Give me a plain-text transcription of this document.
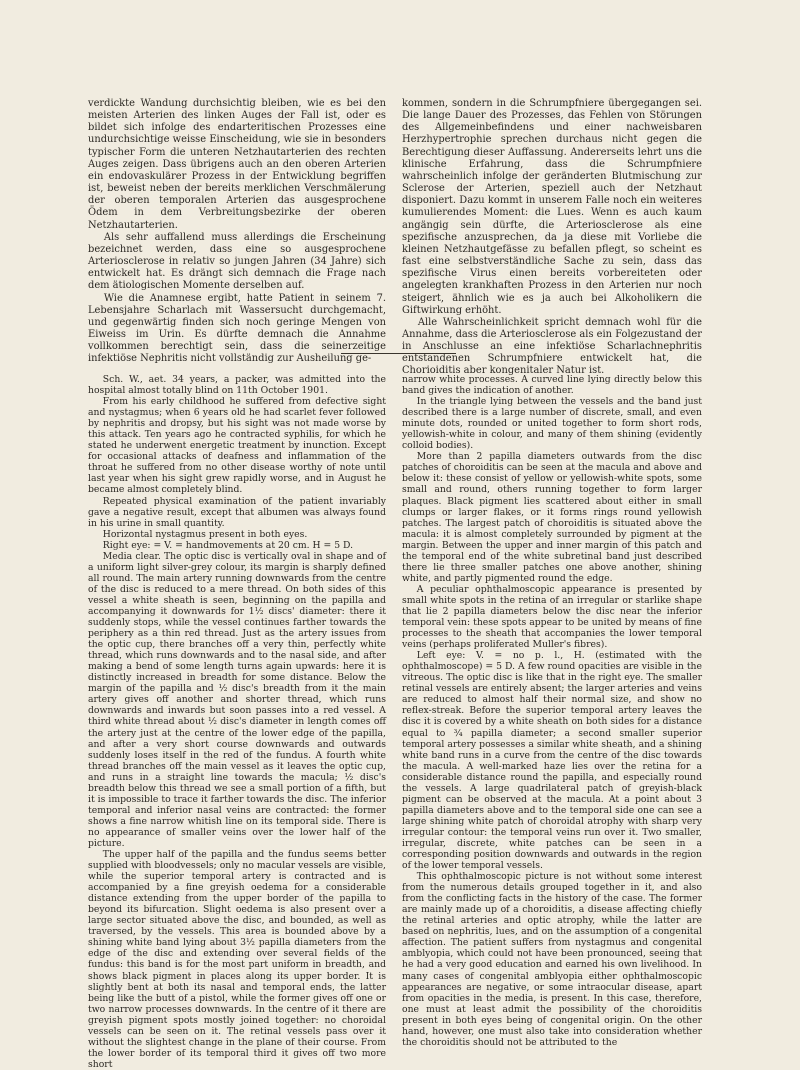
verdickte Wandung durchsichtig bleiben, wie es bei den meisten Arterien des linken Auges der Fall ist, oder es bildet sich infolge des endarteritischen Prozesses eine undurchsichtige weisse Einscheidung, wie sie in besonders typischer Form die unteren Netzhautarterien des rechten Auges zeigen. Dass übrigens auch an den oberen Arterien ein endovaskulärer Prozess in der Entwicklung begriffen ist, beweist neben der bereits merklichen Verschmälerung der oberen temporalen Arterien das ausgesprochene Ödem in dem Verbreitungsbezirke der oberen Netzhautarterien.

Als sehr auffallend muss allerdings die Erscheinung bezeichnet werden, dass eine so ausgesprochene Arteriosclerose in relativ so jungen Jahren (34 Jahre) sich entwickelt hat. Es drängt sich demnach die Frage nach dem ätiologischen Momente derselben auf.

Wie die Anamnese ergibt, hatte Patient in seinem 7. Lebensjahre Scharlach mit Wassersucht durchgemacht, und gegenwärtig finden sich noch geringe Mengen von Eiweiss im Urin. Es dürfte demnach die Annahme vollkommen berechtigt sein, dass die seinerzeitige infektiöse Nephritis nicht vollständig zur Ausheilung ge-

kommen, sondern in die Schrumpfniere übergegangen sei. Die lange Dauer des Prozesses, das Fehlen von Störungen des Allgemeinbefindens und einer nachweisbaren Herzhypertrophie sprechen durchaus nicht gegen die Berechtigung dieser Auffassung. Andererseits lehrt uns die klinische Erfahrung, dass die Schrumpfniere wahrscheinlich infolge der geränderten Blutmischung zur Sclerose der Arterien, speziell auch der Netzhaut disponiert. Dazu kommt in unserem Falle noch ein weiteres kumulierendes Moment: die Lues. Wenn es auch kaum angängig sein dürfte, die Arteriosclerose als eine spezifische anzusprechen, da ja diese mit Vorliebe die kleinen Netzhautgefässe zu befallen pflegt, so scheint es fast eine selbstverständliche Sache zu sein, dass das spezifische Virus einen bereits vorbereiteten oder angelegten krankhaften Prozess in den Arterien nur noch steigert, ähnlich wie es ja auch bei Alkoholikern die Giftwirkung erhöht.

Alle Wahrscheinlichkeit spricht demnach wohl für die Annahme, dass die Arteriosclerose als ein Folgezustand der in Anschlusse an eine infektiöse Scharlachnephritis entstandenen Schrumpfniere entwickelt hat, die Chorioiditis aber kongenitaler Natur ist.

Sch. W., aet. 34 years, a packer, was admitted into the hospital almost totally blind on 11th October 1901.

From his early childhood he suffered from defective sight and nystagmus; when 6 years old he had scarlet fever followed by nephritis and dropsy, but his sight was not made worse by this attack. Ten years ago he contracted syphilis, for which he stated he underwent energetic treatment by inunction. Except for occasional attacks of deafness and inflammation of the throat he suffered from no other disease worthy of note until last year when his sight grew rapidly worse, and in August he became almost completely blind.

Repeated physical examination of the patient invariably gave a negative result, except that albumen was always found in his urine in small quantity.

Horizontal nystagmus present in both eyes.

Right eye: = V. = handmovements at 20 cm. H = 5 D.

Media clear. The optic disc is vertically oval in shape and of a uniform light silver-grey colour, its margin is sharply defined all round. The main artery running downwards from the centre of the disc is reduced to a mere thread. On both sides of this vessel a white sheath is seen, beginning on the papilla and accompanying it downwards for 1½ discs' diameter: there it suddenly stops, while the vessel continues farther towards the periphery as a thin red thread. Just as the artery issues from the optic cup, there branches off a very thin, perfectly white thread, which runs downwards and to the nasal side, and after making a bend of some length turns again upwards: here it is distinctly increased in breadth for some distance. Below the margin of the papilla and ½ disc's breadth from it the main artery gives off another and shorter thread, which runs downwards and inwards but soon passes into a red vessel. A third white thread about ½ disc's diameter in length comes off the artery just at the centre of the lower edge of the papilla, and after a very short course downwards and outwards suddenly loses itself in the red of the fundus. A fourth white thread branches off the main vessel as it leaves the optic cup, and runs in a straight line towards the macula; ½ disc's breadth below this thread we see a small portion of a fifth, but it is impossible to trace it farther towards the disc. The inferior temporal and inferior nasal veins are contracted: the former shows a fine narrow whitish line on its temporal side. There is no appearance of smaller veins over the lower half of the picture.

The upper half of the papilla and the fundus seems better supplied with bloodvessels; only no macular vessels are visible, while the superior temporal artery is contracted and is accompanied by a fine greyish oedema for a considerable distance extending from the upper border of the papilla to beyond its bifurcation. Slight oedema is also present over a large sector situated above the disc, and bounded, as well as traversed, by the vessels. This area is bounded above by a shining white band lying about 3½ papilla diameters from the edge of the disc and extending over several fields of the fundus: this band is for the most part uniform in breadth, and shows black pigment in places along its upper border. It is slightly bent at both its nasal and temporal ends, the latter being like the butt of a pistol, while the former gives off one or two narrow processes downwards. In the centre of it there are greyish pigment spots mostly joined together: no choroidal vessels can be seen on it. The retinal vessels pass over it without the slightest change in the plane of their course. From the lower border of its temporal third it gives off two more short

narrow white processes. A curved line lying directly below this band gives the indication of another.

In the triangle lying between the vessels and the band just described there is a large number of discrete, small, and even minute dots, rounded or united together to form short rods, yellowish-white in colour, and many of them shining (evidently colloid bodies).

More than 2 papilla diameters outwards from the disc patches of choroiditis can be seen at the macula and above and below it: these consist of yellow or yellowish-white spots, some small and round, others running together to form larger plaques. Black pigment lies scattered about either in small clumps or larger flakes, or it forms rings round yellowish patches. The largest patch of choroiditis is situated above the macula: it is almost completely surrounded by pigment at the margin. Between the upper and inner margin of this patch and the temporal end of the white subretinal band just described there lie three smaller patches one above another, shining white, and partly pigmented round the edge.

A peculiar ophthalmoscopic appearance is presented by small white spots in the retina of an irregular or starlike shape that lie 2 papilla diameters below the disc near the inferior temporal vein: these spots appear to be united by means of fine processes to the sheath that accompanies the lower temporal veins (perhaps proliferated Muller's fibres).

Left eye: V. = no p. l., H. (estimated with the ophthalmoscope) = 5 D. A few round opacities are visible in the vitreous. The optic disc is like that in the right eye. The smaller retinal vessels are entirely absent; the larger arteries and veins are reduced to almost half their normal size, and show no reflex-streak. Before the superior temporal artery leaves the disc it is covered by a white sheath on both sides for a distance equal to ¾ papilla diameter; a second smaller superior temporal artery possesses a similar white sheath, and a shining white band runs in a curve from the centre of the disc towards the macula. A well-marked haze lies over the retina for a considerable distance round the papilla, and especially round the vessels. A large quadrilateral patch of greyish-black pigment can be observed at the macula. At a point about 3 papilla diameters above and to the temporal side one can see a large shining white patch of choroidal atrophy with sharp very irregular contour: the temporal veins run over it. Two smaller, irregular, discrete, white patches can be seen in a corresponding position downwards and outwards in the region of the lower temporal vessels.

This ophthalmoscopic picture is not without some interest from the numerous details grouped together in it, and also from the conflicting facts in the history of the case. The former are mainly made up of a choroiditis, a disease affecting chiefly the retinal arteries and optic atrophy, while the latter are based on nephritis, lues, and on the assumption of a congenital affection. The patient suffers from nystagmus and congenital amblyopia, which could not have been pronounced, seeing that he had a very good education and earned his own livelihood. In many cases of congenital amblyopia either ophthalmoscopic appearances are negative, or some intraocular disease, apart from opacities in the media, is present. In this case, therefore, one must at least admit the possibility of the choroiditis present in both eyes being of congenital origin. On the other hand, however, one must also take into consideration whether the choroiditis should not be attributed to the
